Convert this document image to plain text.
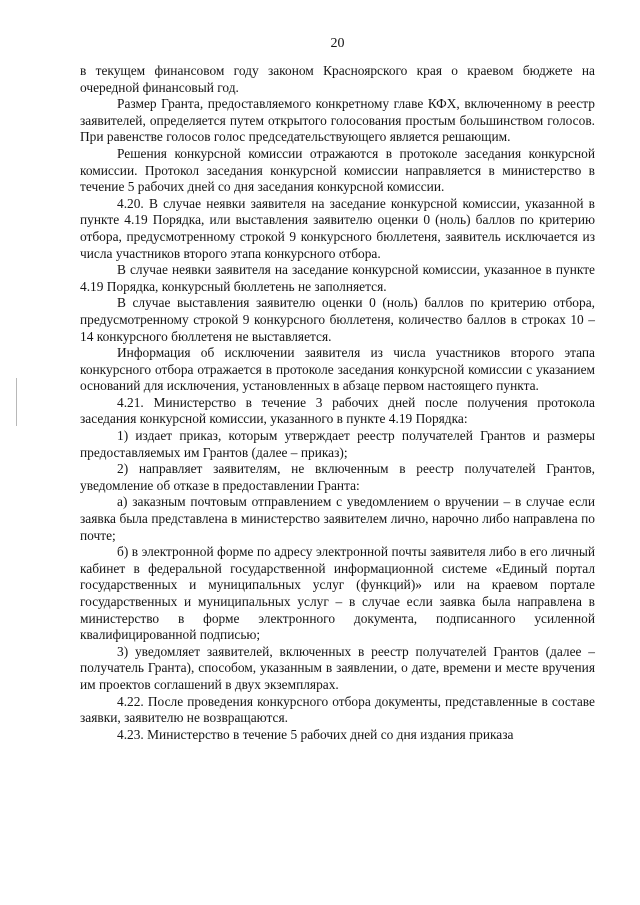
20

в текущем финансовом году законом Красноярского края о краевом бюджете на очередной финансовый год.

Размер Гранта, предоставляемого конкретному главе КФХ, включенному в реестр заявителей, определяется путем открытого голосования простым большинством голосов. При равенстве голосов голос председательствующего является решающим.

Решения конкурсной комиссии отражаются в протоколе заседания конкурсной комиссии. Протокол заседания конкурсной комиссии направляется в министерство в течение 5 рабочих дней со дня заседания конкурсной комиссии.

4.20. В случае неявки заявителя на заседание конкурсной комиссии, указанной в пункте 4.19 Порядка, или выставления заявителю оценки 0 (ноль) баллов по критерию отбора, предусмотренному строкой 9 конкурсного бюллетеня, заявитель исключается из числа участников второго этапа конкурсного отбора.

В случае неявки заявителя на заседание конкурсной комиссии, указанное в пункте 4.19 Порядка, конкурсный бюллетень не заполняется.

В случае выставления заявителю оценки 0 (ноль) баллов по критерию отбора, предусмотренному строкой 9 конкурсного бюллетеня, количество баллов в строках 10 – 14 конкурсного бюллетеня не выставляется.

Информация об исключении заявителя из числа участников второго этапа конкурсного отбора отражается в протоколе заседания конкурсной комиссии с указанием оснований для исключения, установленных в абзаце первом настоящего пункта.

4.21. Министерство в течение 3 рабочих дней после получения протокола заседания конкурсной комиссии, указанного в пункте 4.19 Порядка:

1) издает приказ, которым утверждает реестр получателей Грантов и размеры предоставляемых им Грантов (далее – приказ);

2) направляет заявителям, не включенным в реестр получателей Грантов, уведомление об отказе в предоставлении Гранта:

а) заказным почтовым отправлением с уведомлением о вручении – в случае если заявка была представлена в министерство заявителем лично, нарочно либо направлена по почте;

б) в электронной форме по адресу электронной почты заявителя либо в его личный кабинет в федеральной государственной информационной системе «Единый портал государственных и муниципальных услуг (функций)» или на краевом портале государственных и муниципальных услуг – в случае если заявка была направлена в министерство в форме электронного документа, подписанного усиленной квалифицированной подписью;

3) уведомляет заявителей, включенных в реестр получателей Грантов (далее – получатель Гранта), способом, указанным в заявлении, о дате, времени и месте вручения им проектов соглашений в двух экземплярах.

4.22. После проведения конкурсного отбора документы, представленные в составе заявки, заявителю не возвращаются.

4.23. Министерство в течение 5 рабочих дней со дня издания приказа
